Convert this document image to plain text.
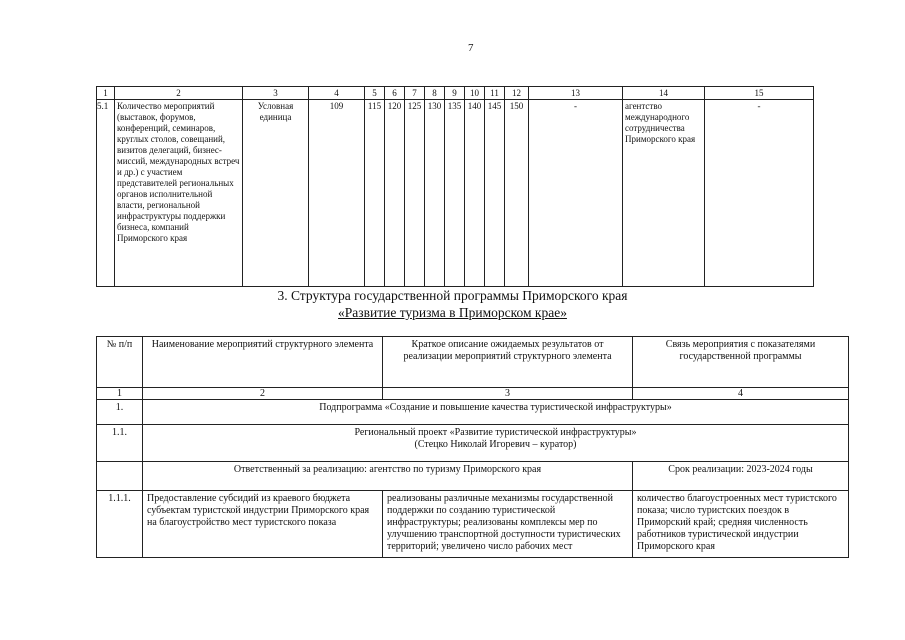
7
1	2	3	4	5	6	7	8	9	10	11	12	13	14	15
5.1	Количество мероприятий (выставок, форумов, конференций, семинаров, круглых столов, совещаний, визитов делегаций, бизнес-миссий, международных встреч и др.) с участием представителей региональных органов исполнительной власти, региональной инфраструктуры поддержки бизнеса, компаний Приморского края	Условная единица	109	115	120	125	130	135	140	145	150	-	агентство международного сотрудничества Приморского края	-
3. Структура государственной программы Приморского края
«Развитие туризма в Приморском крае»
№ п/п	Наименование мероприятий структурного элемента	Краткое описание ожидаемых результатов от реализации мероприятий структурного элемента	Связь мероприятия с показателями государственной программы
1	2	3	4
1.	Подпрограмма «Создание и повышение качества туристической инфраструктуры»		
1.1.	Региональный проект «Развитие туристической инфраструктуры»
(Стецко Николай Игоревич – куратор)		

	Ответственный за реализацию: агентство по туризму Приморского края		Срок реализации: 2023-2024 годы
1.1.1.	Предоставление субсидий из краевого бюджета субъектам туристской индустрии Приморского края на благоустройство мест туристского показа	реализованы различные механизмы государственной поддержки по созданию туристической инфраструктуры; реализованы комплексы мер по улучшению транспортной доступности туристических территорий; увеличено число рабочих мест	количество благоустроенных мест туристского показа; число туристских поездок в Приморский край; средняя численность работников туристической индустрии Приморского края
